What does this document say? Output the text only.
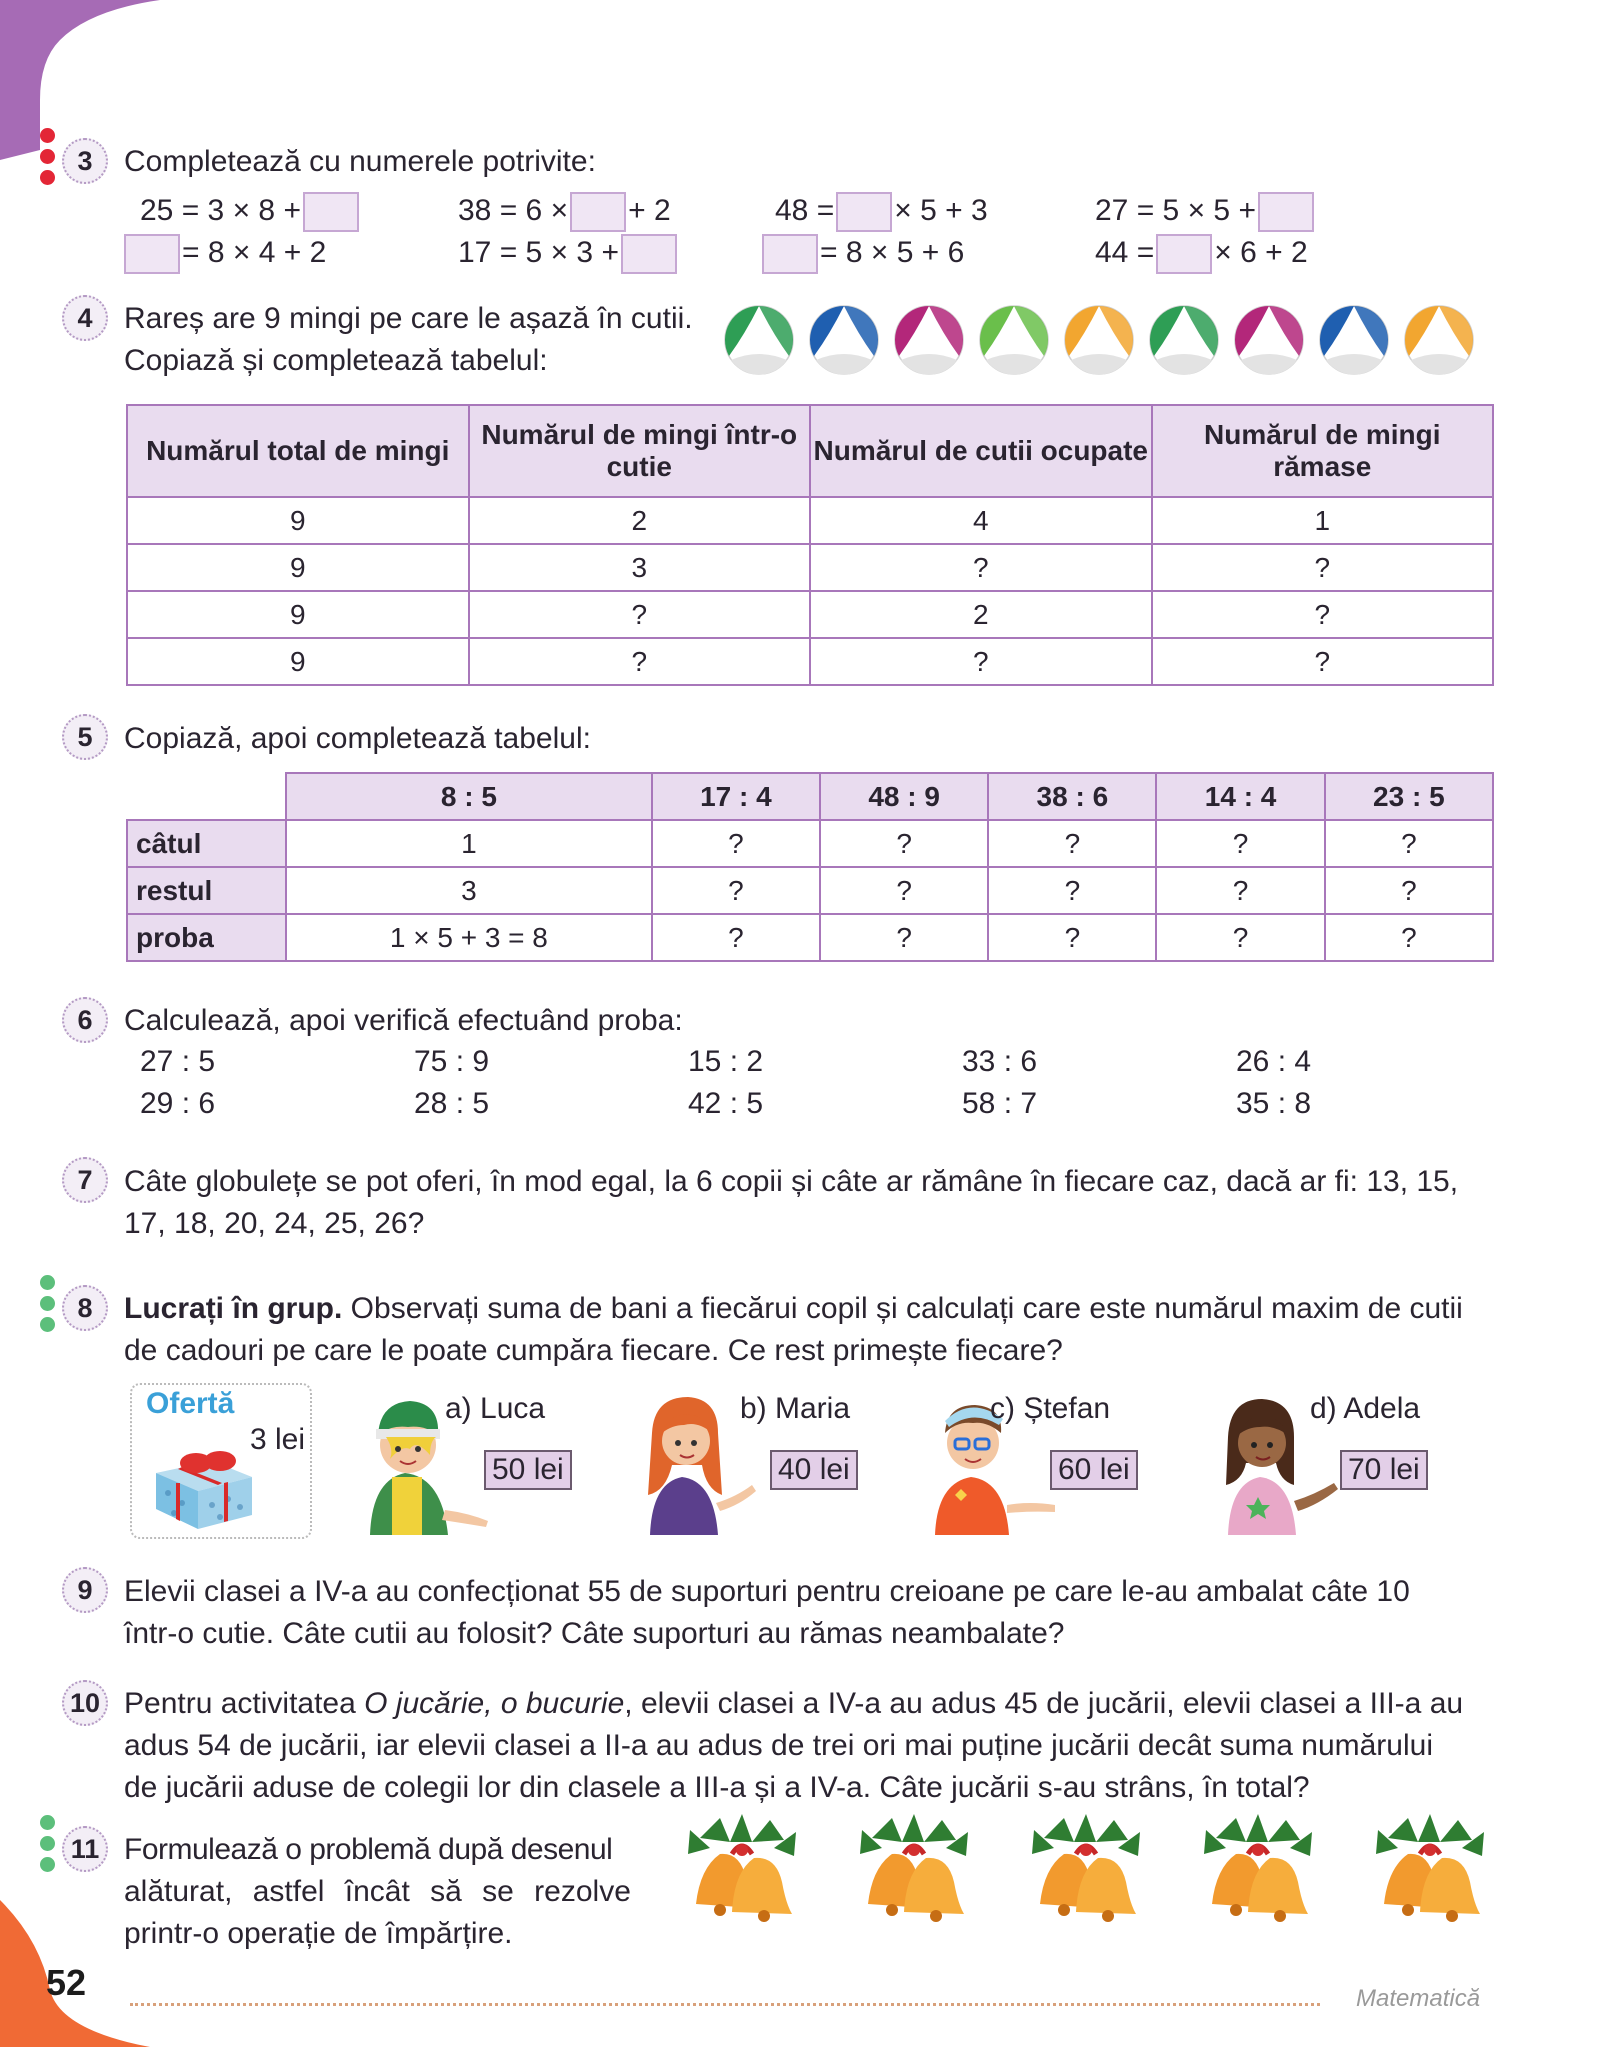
3	Completează cu numerele potrivite:
25 = 3 × 8 +	38 = 6 × + 2	48 = × 5 + 3	27 = 5 × 5 +
= 8 × 4 + 2	17 = 5 × 3 +	= 8 × 5 + 6	44 = × 6 + 2
4	Rareș are 9 mingi pe care le așază în cutii.
Copiază și completează tabelul:
Numărul total de mingi	Numărul de mingi într-o cutie	Numărul de cutii ocupate	Numărul de mingi rămase
9	2	4	1
9	3	?	?
9	?	2	?
9	?	?	?
5	Copiază, apoi completează tabelul:
	8 : 5	17 : 4	48 : 9	38 : 6	14 : 4	23 : 5
câtul	1	?	?	?	?	?
restul	3	?	?	?	?	?
proba	1 × 5 + 3 = 8	?	?	?	?	?
6	Calculează, apoi verifică efectuând proba:
27 : 5	75 : 9	15 : 2	33 : 6	26 : 4
29 : 6	28 : 5	42 : 5	58 : 7	35 : 8
7	Câte globulețe se pot oferi, în mod egal, la 6 copii și câte ar rămâne în fiecare caz, dacă ar fi: 13, 15,
17, 18, 20, 24, 25, 26?
8	Lucrați în grup. Observați suma de bani a fiecărui copil și calculați care este numărul maxim de cutii
de cadouri pe care le poate cumpăra fiecare. Ce rest primește fiecare?
Ofertă
3 lei
a) Luca
50 lei
b) Maria
40 lei
c) Ștefan
60 lei
d) Adela
70 lei
9	Elevii clasei a IV-a au confecționat 55 de suporturi pentru creioane pe care le-au ambalat câte 10
într-o cutie. Câte cutii au folosit? Câte suporturi au rămas neambalate?
10 Pentru activitatea O jucărie, o bucurie, elevii clasei a IV-a au adus 45 de jucării, elevii clasei a III-a au
adus 54 de jucării, iar elevii clasei a II-a au adus de trei ori mai puține jucării decât suma numărului
de jucării aduse de colegii lor din clasele a III-a și a IV-a. Câte jucării s-au strâns, în total?
11 Formulează o problemă după desenul
alăturat, astfel încât să se rezolve
printr-o operație de împărțire.
52	Matematică
